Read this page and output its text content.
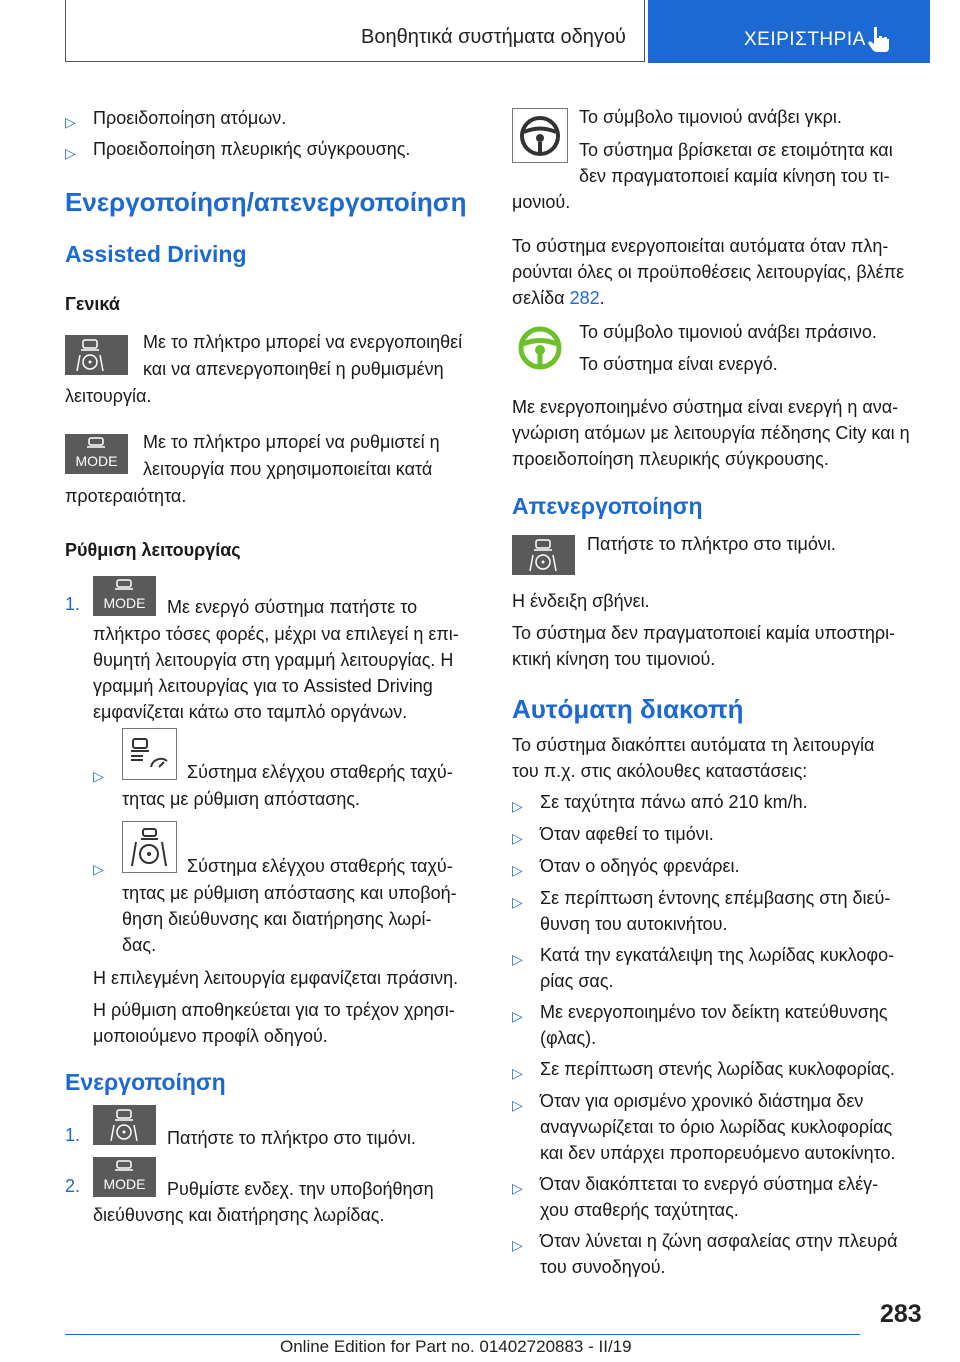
Βοηθητικά συστήματα οδηγού	ΧΕΙΡΙΣΤΗΡΙΑ
▷ Προειδοποίηση ατόμων.
▷ Προειδοποίηση πλευρικής σύγκρουσης.
Ενεργοποίηση/απενεργοποίηση
Assisted Driving
Γενικά
Με το πλήκτρο μπορεί να ενεργοποιηθεί
και να απενεργοποιηθεί η ρυθμισμένη
λειτουργία.
MODE
Με το πλήκτρο μπορεί να ρυθμιστεί η
λειτουργία που χρησιμοποιείται κατά
προτεραιότητα.
Ρύθμιση λειτουργίας
1.	MODE	Με ενεργό σύστημα πατήστε το
πλήκτρο τόσες φορές, μέχρι να επιλεγεί η επι-
θυμητή λειτουργία στη γραμμή λειτουργίας. Η
γραμμή λειτουργίας για το Assisted Driving
εμφανίζεται κάτω στο ταμπλό οργάνων.
▷	Σύστημα ελέγχου σταθερής ταχύ-
τητας με ρύθμιση απόστασης.
▷	Σύστημα ελέγχου σταθερής ταχύ-
τητας με ρύθμιση απόστασης και υποβοή-
θηση διεύθυνσης και διατήρησης λωρί-
δας.
Η επιλεγμένη λειτουργία εμφανίζεται πράσινη.
Η ρύθμιση αποθηκεύεται για το τρέχον χρησι-
μοποιούμενο προφίλ οδηγού.
Ενεργοποίηση
1.	Πατήστε το πλήκτρο στο τιμόνι.
2.	MODE	Ρυθμίστε ενδεχ. την υποβοήθηση
διεύθυνσης και διατήρησης λωρίδας.
Το σύμβολο τιμονιού ανάβει γκρι.
Το σύστημα βρίσκεται σε ετοιμότητα και
δεν πραγματοποιεί καμία κίνηση του τι-
μονιού.
Το σύστημα ενεργοποιείται αυτόματα όταν πλη-
ρούνται όλες οι προϋποθέσεις λειτουργίας, βλέπε
σελίδα 282.
Το σύμβολο τιμονιού ανάβει πράσινο.
Το σύστημα είναι ενεργό.
Με ενεργοποιημένο σύστημα είναι ενεργή η ανα-
γνώριση ατόμων με λειτουργία πέδησης City και η
προειδοποίηση πλευρικής σύγκρουσης.
Απενεργοποίηση
Πατήστε το πλήκτρο στο τιμόνι.
Η ένδειξη σβήνει.
Το σύστημα δεν πραγματοποιεί καμία υποστηρι-
κτική κίνηση του τιμονιού.
Αυτόματη διακοπή
Το σύστημα διακόπτει αυτόματα τη λειτουργία
του π.χ. στις ακόλουθες καταστάσεις:
▷ Σε ταχύτητα πάνω από 210 km/h.
▷ Όταν αφεθεί το τιμόνι.
▷ Όταν ο οδηγός φρενάρει.
▷ Σε περίπτωση έντονης επέμβασης στη διεύ-
θυνση του αυτοκινήτου.
▷ Κατά την εγκατάλειψη της λωρίδας κυκλοφο-
ρίας σας.
▷ Με ενεργοποιημένο τον δείκτη κατεύθυνσης
(φλας).
▷ Σε περίπτωση στενής λωρίδας κυκλοφορίας.
▷ Όταν για ορισμένο χρονικό διάστημα δεν
αναγνωρίζεται το όριο λωρίδας κυκλοφορίας
και δεν υπάρχει προπορευόμενο αυτοκίνητο.
▷ Όταν διακόπτεται το ενεργό σύστημα ελέγ-
χου σταθερής ταχύτητας.
▷ Όταν λύνεται η ζώνη ασφαλείας στην πλευρά
του συνοδηγού.
283
Online Edition for Part no. 01402720883 - II/19
